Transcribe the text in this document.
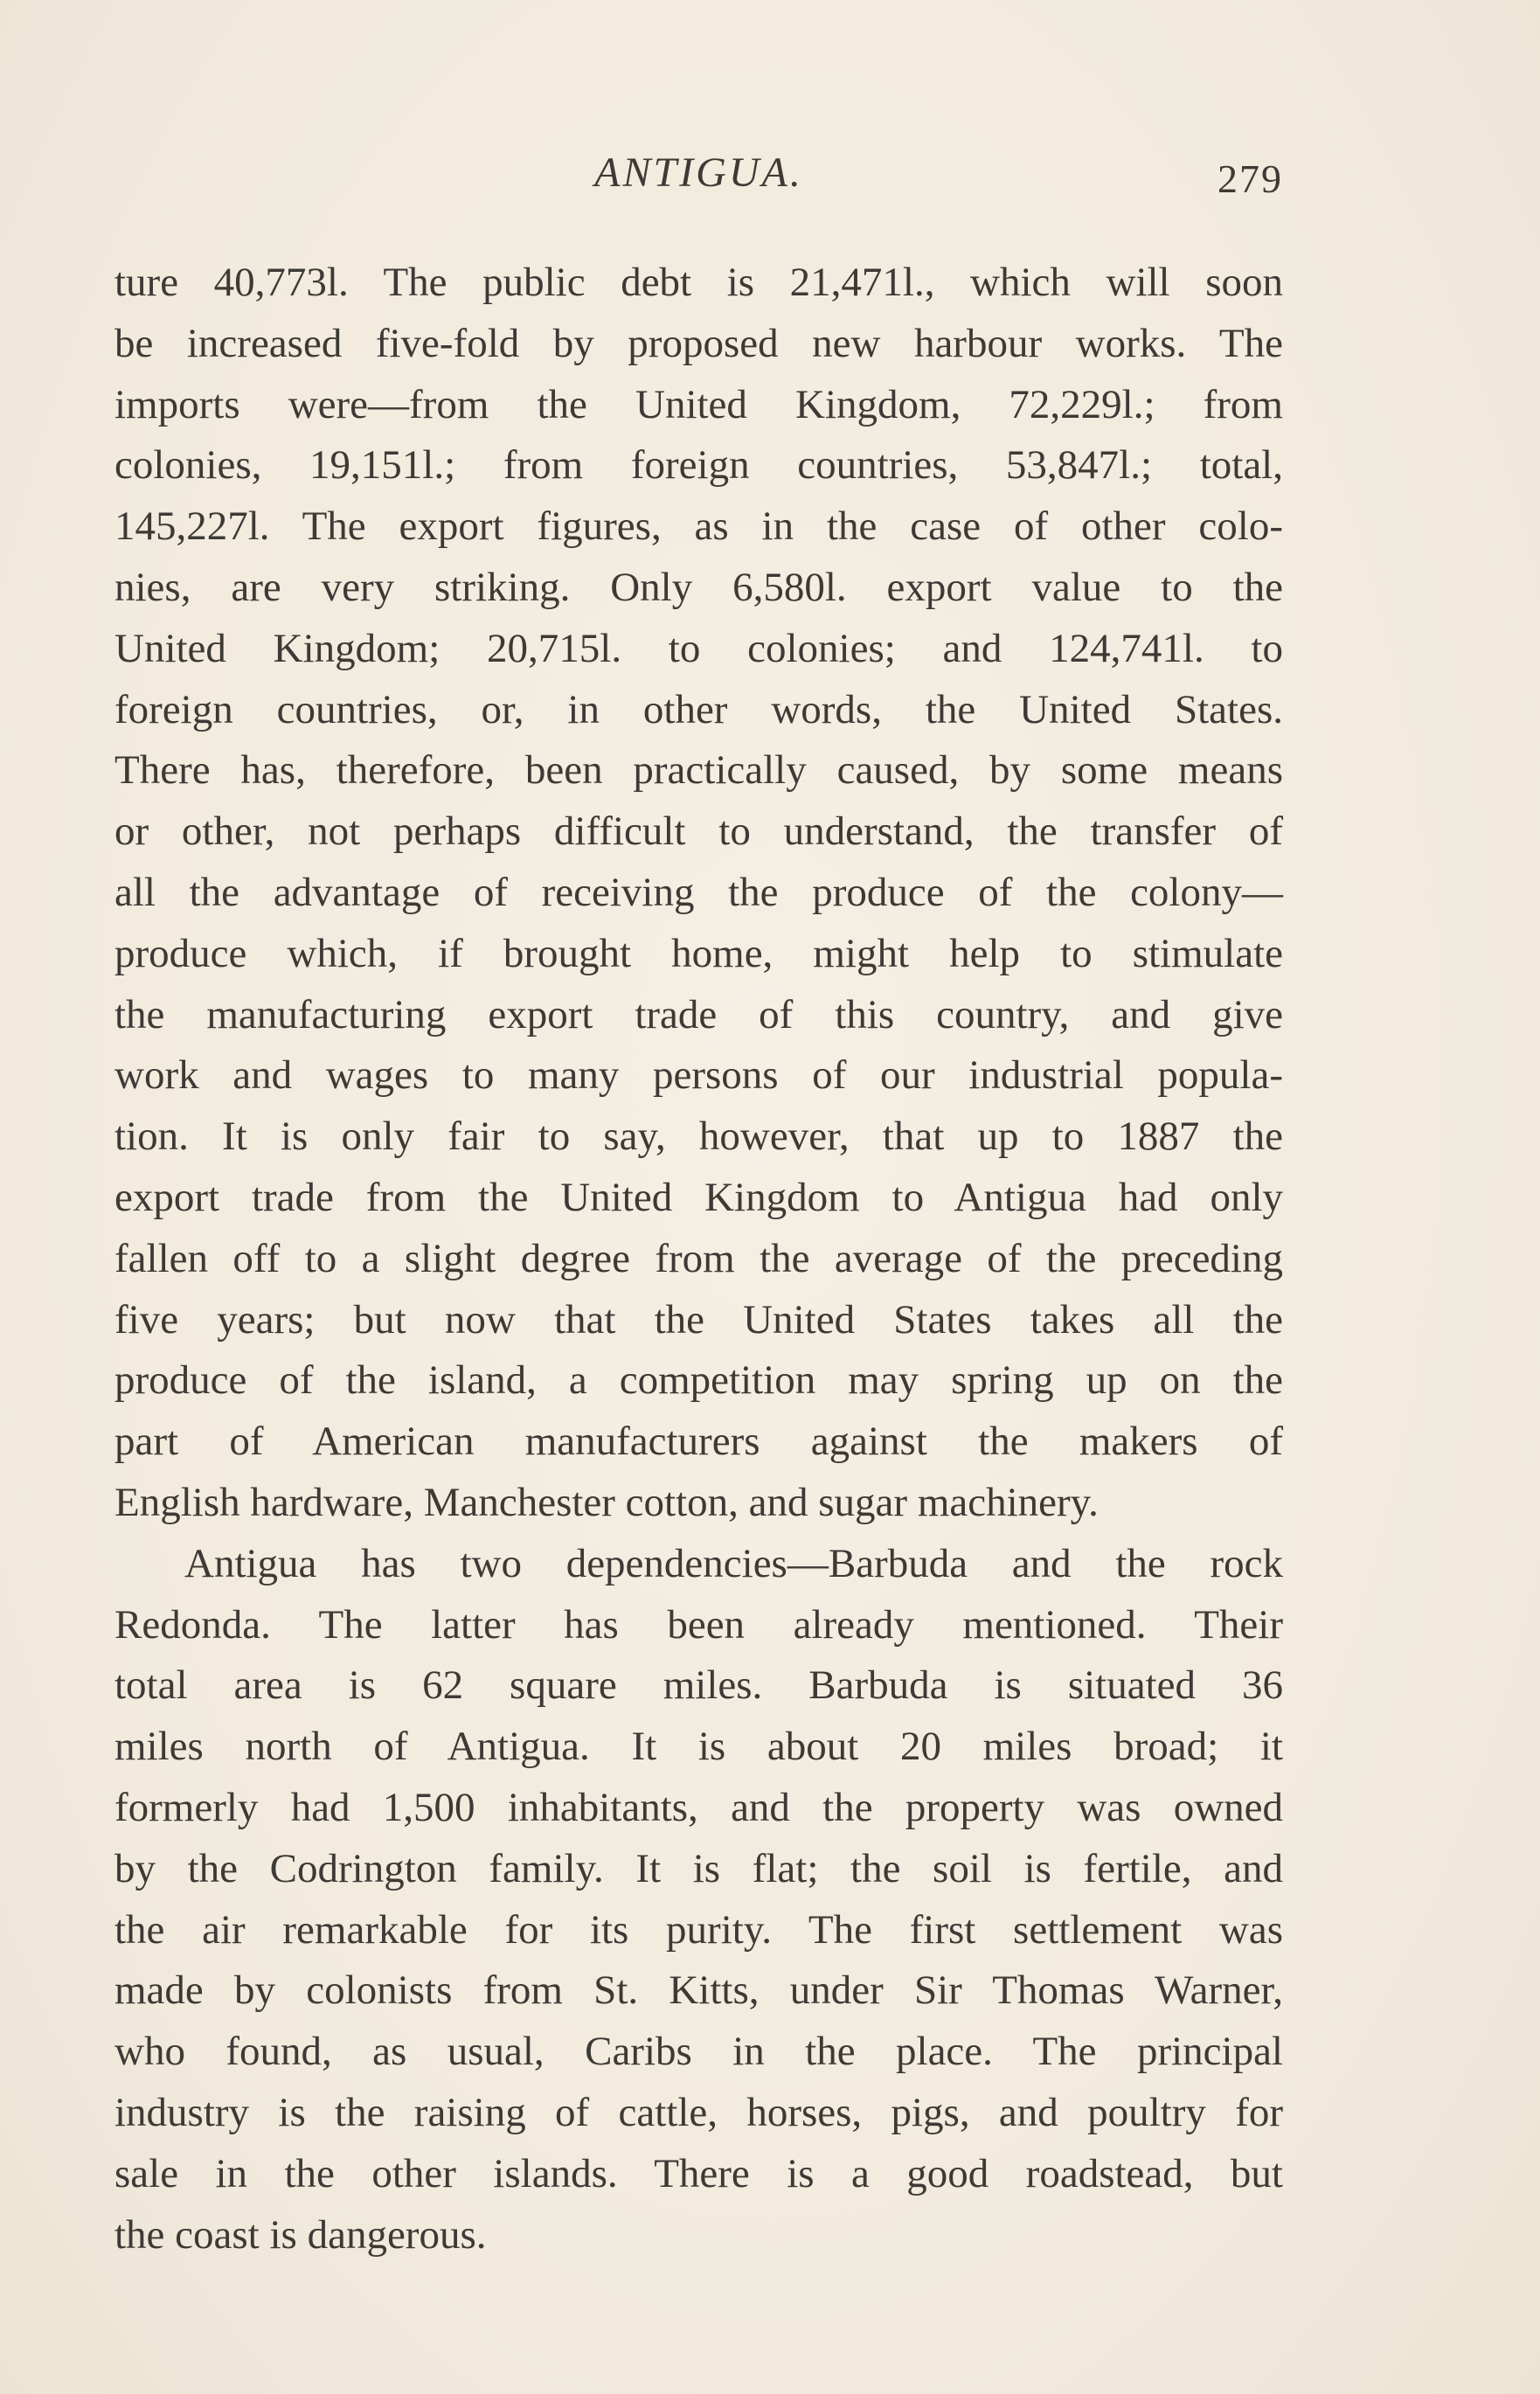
ANTIGUA.	279
ture 40,773l. The public debt is 21,471l., which will soon
be increased five-fold by proposed new harbour works. The
imports were—from the United Kingdom, 72,229l.; from
colonies, 19,151l.; from foreign countries, 53,847l.; total,
145,227l. The export figures, as in the case of other colo-
nies, are very striking. Only 6,580l. export value to the
United Kingdom; 20,715l. to colonies; and 124,741l. to
foreign countries, or, in other words, the United States.
There has, therefore, been practically caused, by some means
or other, not perhaps difficult to understand, the transfer of
all the advantage of receiving the produce of the colony—
produce which, if brought home, might help to stimulate
the manufacturing export trade of this country, and give
work and wages to many persons of our industrial popula-
tion. It is only fair to say, however, that up to 1887 the
export trade from the United Kingdom to Antigua had only
fallen off to a slight degree from the average of the preceding
five years; but now that the United States takes all the
produce of the island, a competition may spring up on the
part of American manufacturers against the makers of
English hardware, Manchester cotton, and sugar machinery.
Antigua has two dependencies—Barbuda and the rock
Redonda. The latter has been already mentioned. Their
total area is 62 square miles. Barbuda is situated 36
miles north of Antigua. It is about 20 miles broad; it
formerly had 1,500 inhabitants, and the property was owned
by the Codrington family. It is flat; the soil is fertile, and
the air remarkable for its purity. The first settlement was
made by colonists from St. Kitts, under Sir Thomas Warner,
who found, as usual, Caribs in the place. The principal
industry is the raising of cattle, horses, pigs, and poultry for
sale in the other islands. There is a good roadstead, but
the coast is dangerous.
